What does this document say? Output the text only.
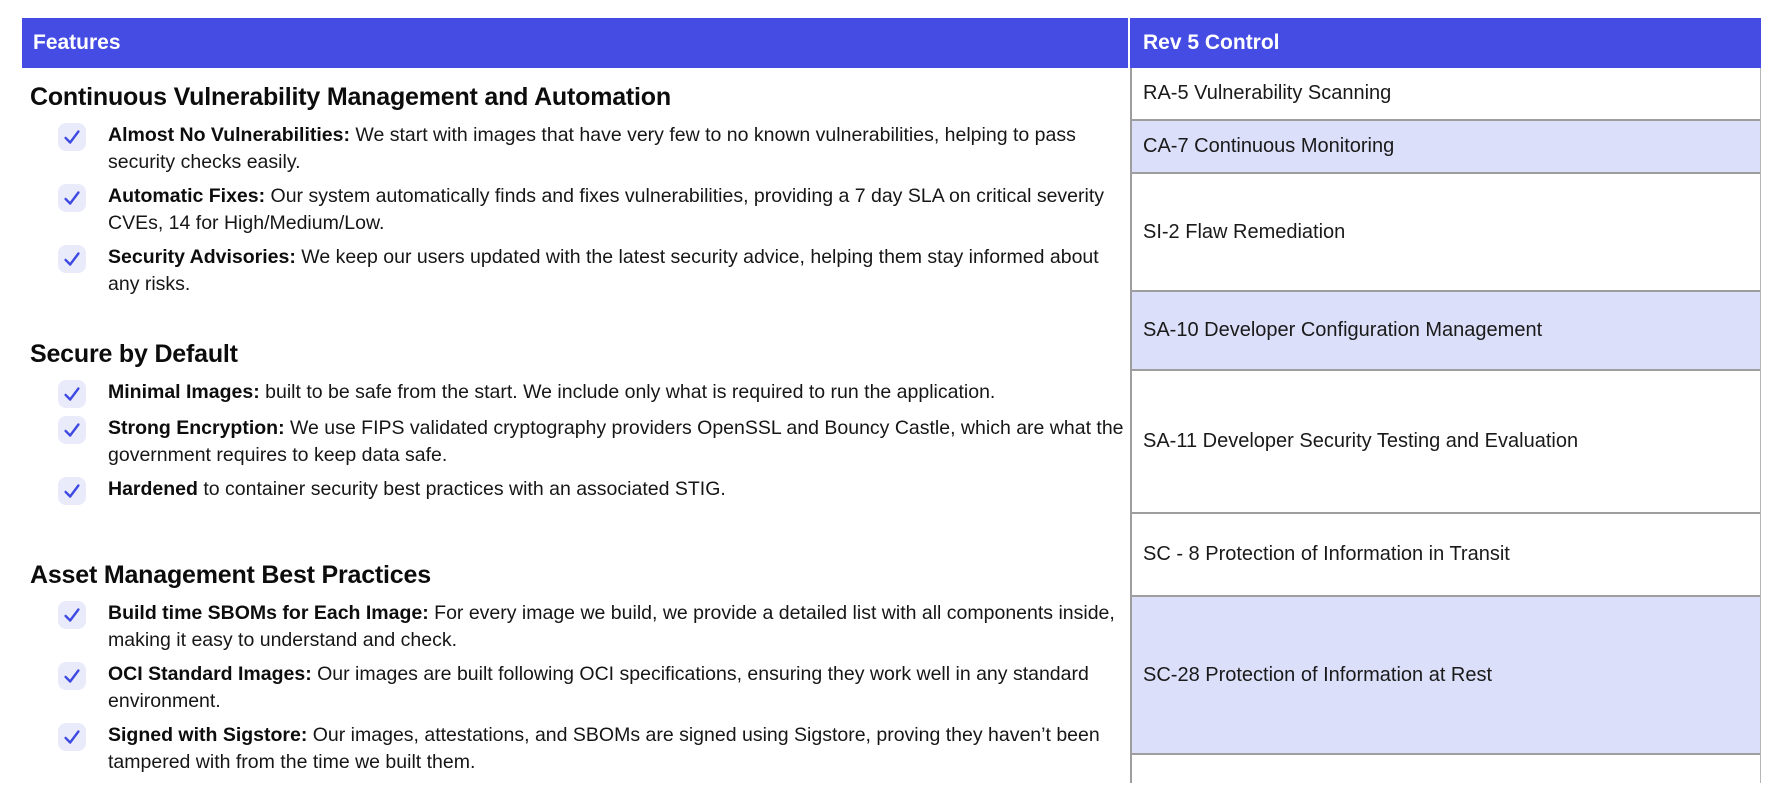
Features	Rev 5 Control
Continuous Vulnerability Management and Automation
Almost No Vulnerabilities: We start with images that have very few to no known vulnerabilities, helping to pass security checks easily.
Automatic Fixes: Our system automatically finds and fixes vulnerabilities, providing a 7 day SLA on critical severity CVEs, 14 for High/Medium/Low.
Security Advisories: We keep our users updated with the latest security advice, helping them stay informed about any risks.
Secure by Default
Minimal Images: built to be safe from the start. We include only what is required to run the application.
Strong Encryption: We use FIPS validated cryptography providers OpenSSL and Bouncy Castle, which are what the government requires to keep data safe.
Hardened to container security best practices with an associated STIG.
Asset Management Best Practices
Build time SBOMs for Each Image: For every image we build, we provide a detailed list with all components inside, making it easy to understand and check.
OCI Standard Images: Our images are built following OCI specifications, ensuring they work well in any standard environment.
Signed with Sigstore: Our images, attestations, and SBOMs are signed using Sigstore, proving they haven’t been tampered with from the time we built them.
RA-5 Vulnerability Scanning
CA-7 Continuous Monitoring
SI-2 Flaw Remediation
SA-10 Developer Configuration Management
SA-11 Developer Security Testing and Evaluation
SC - 8 Protection of Information in Transit
SC-28 Protection of Information at Rest
